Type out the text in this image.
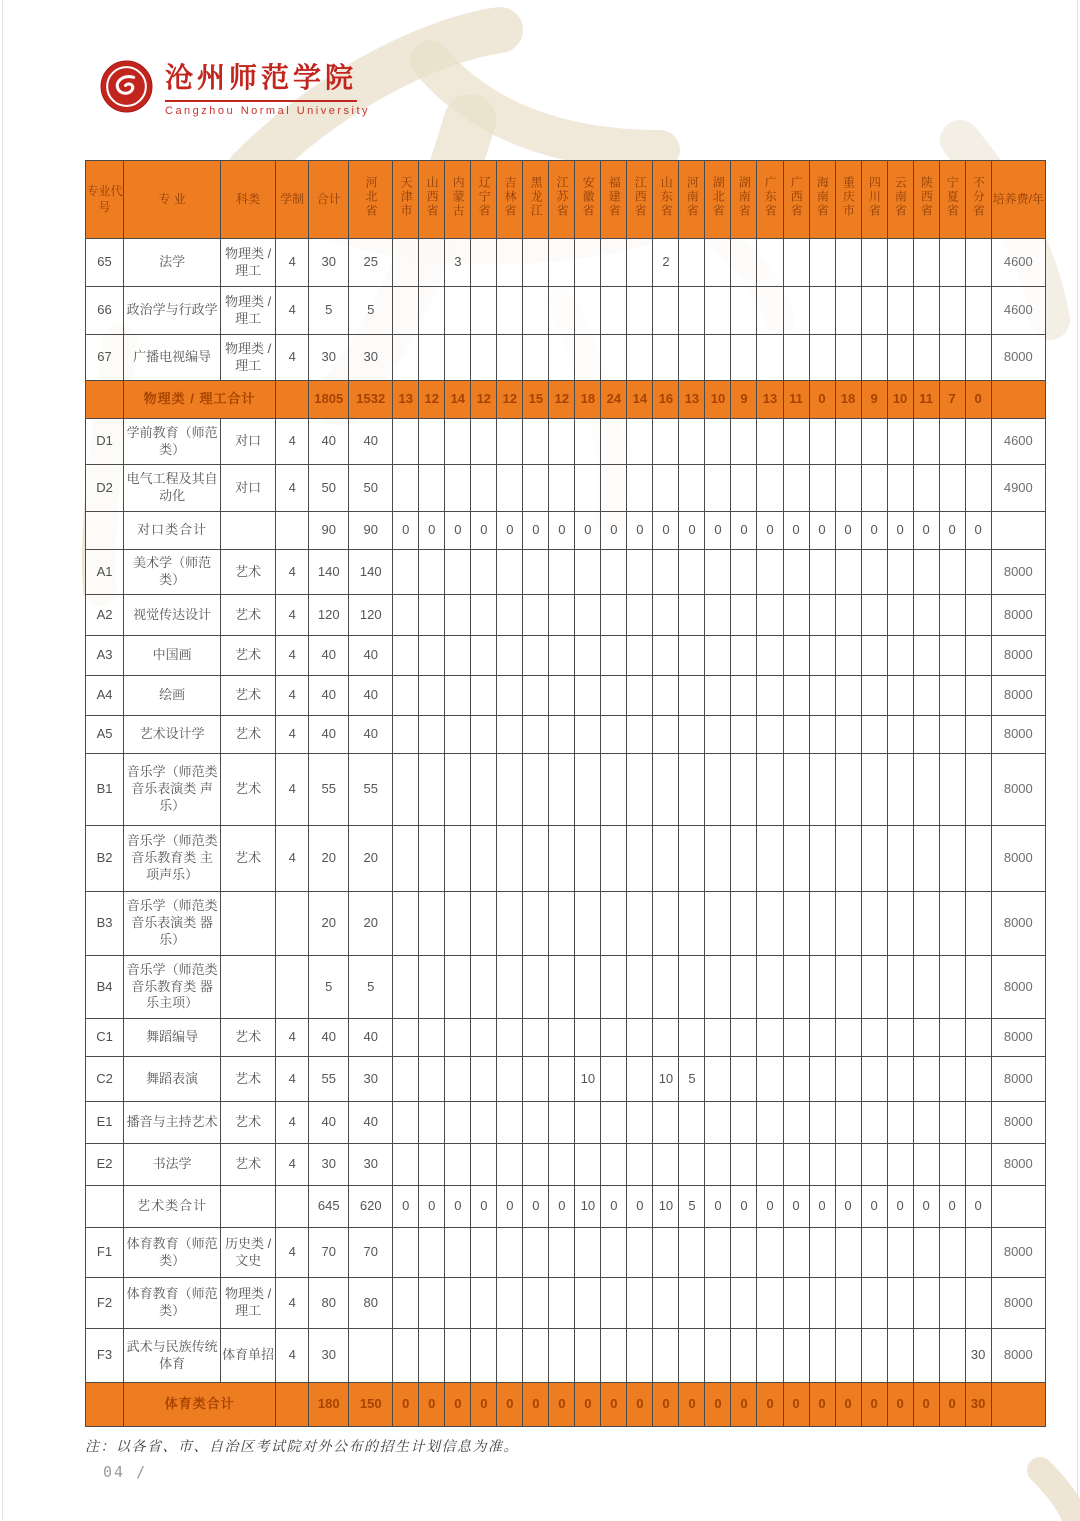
沧州师范学院
Cangzhou Normal University
专业代号	专 业	科类	学制	合计	河北省	天津市	山西省	内蒙古	辽宁省	吉林省	黑龙江	江苏省	安徽省	福建省	江西省	山东省	河南省	湖北省	湖南省	广东省	广西省	海南省	重庆市	四川省	云南省	陕西省	宁夏省	不分省	培养费/年
65	法学	物理类 / 理工	4	30	25			3								2													4600
66	政治学与行政学	物理类 / 理工	4	5	5																								4600
67	广播电视编导	物理类 / 理工	4	30	30																								8000
	物理类 / 理工合计			1805	1532	13	12	14	12	12	15	12	18	24	14	16	13	10	9	13	11	0	18	9	10	11	7	0	
D1	学前教育（师范类）	对口	4	40	40																								4600
D2	电气工程及其自动化	对口	4	50	50																								4900
	对口类合计			90	90	0	0	0	0	0	0	0	0	0	0	0	0	0	0	0	0	0	0	0	0	0	0	0	
A1	美术学（师范类）	艺术	4	140	140																								8000
A2	视觉传达设计	艺术	4	120	120																								8000
A3	中国画	艺术	4	40	40																								8000
A4	绘画	艺术	4	40	40																								8000
A5	艺术设计学	艺术	4	40	40																								8000
B1	音乐学（师范类 音乐表演类 声乐）	艺术	4	55	55																								8000
B2	音乐学（师范类 音乐教育类 主项声乐）	艺术	4	20	20																								8000
B3	音乐学（师范类 音乐表演类 器乐）			20	20																								8000
B4	音乐学（师范类 音乐教育类 器乐主项）			5	5																								8000
C1	舞蹈编导	艺术	4	40	40																								8000
C2	舞蹈表演	艺术	4	55	30								10			10	5												8000
E1	播音与主持艺术	艺术	4	40	40																								8000
E2	书法学	艺术	4	30	30																								8000
	艺术类合计			645	620	0	0	0	0	0	0	0	10	0	0	10	5	0	0	0	0	0	0	0	0	0	0	0	
F1	体育教育（师范类）	历史类 / 文史	4	70	70																								8000
F2	体育教育（师范类）	物理类 / 理工	4	80	80																								8000
F3	武术与民族传统体育	体育单招	4	30																								30	8000
	体育类合计			180	150	0	0	0	0	0	0	0	0	0	0	0	0	0	0	0	0	0	0	0	0	0	0	30	
注：以各省、市、自治区考试院对外公布的招生计划信息为准。
04 /
